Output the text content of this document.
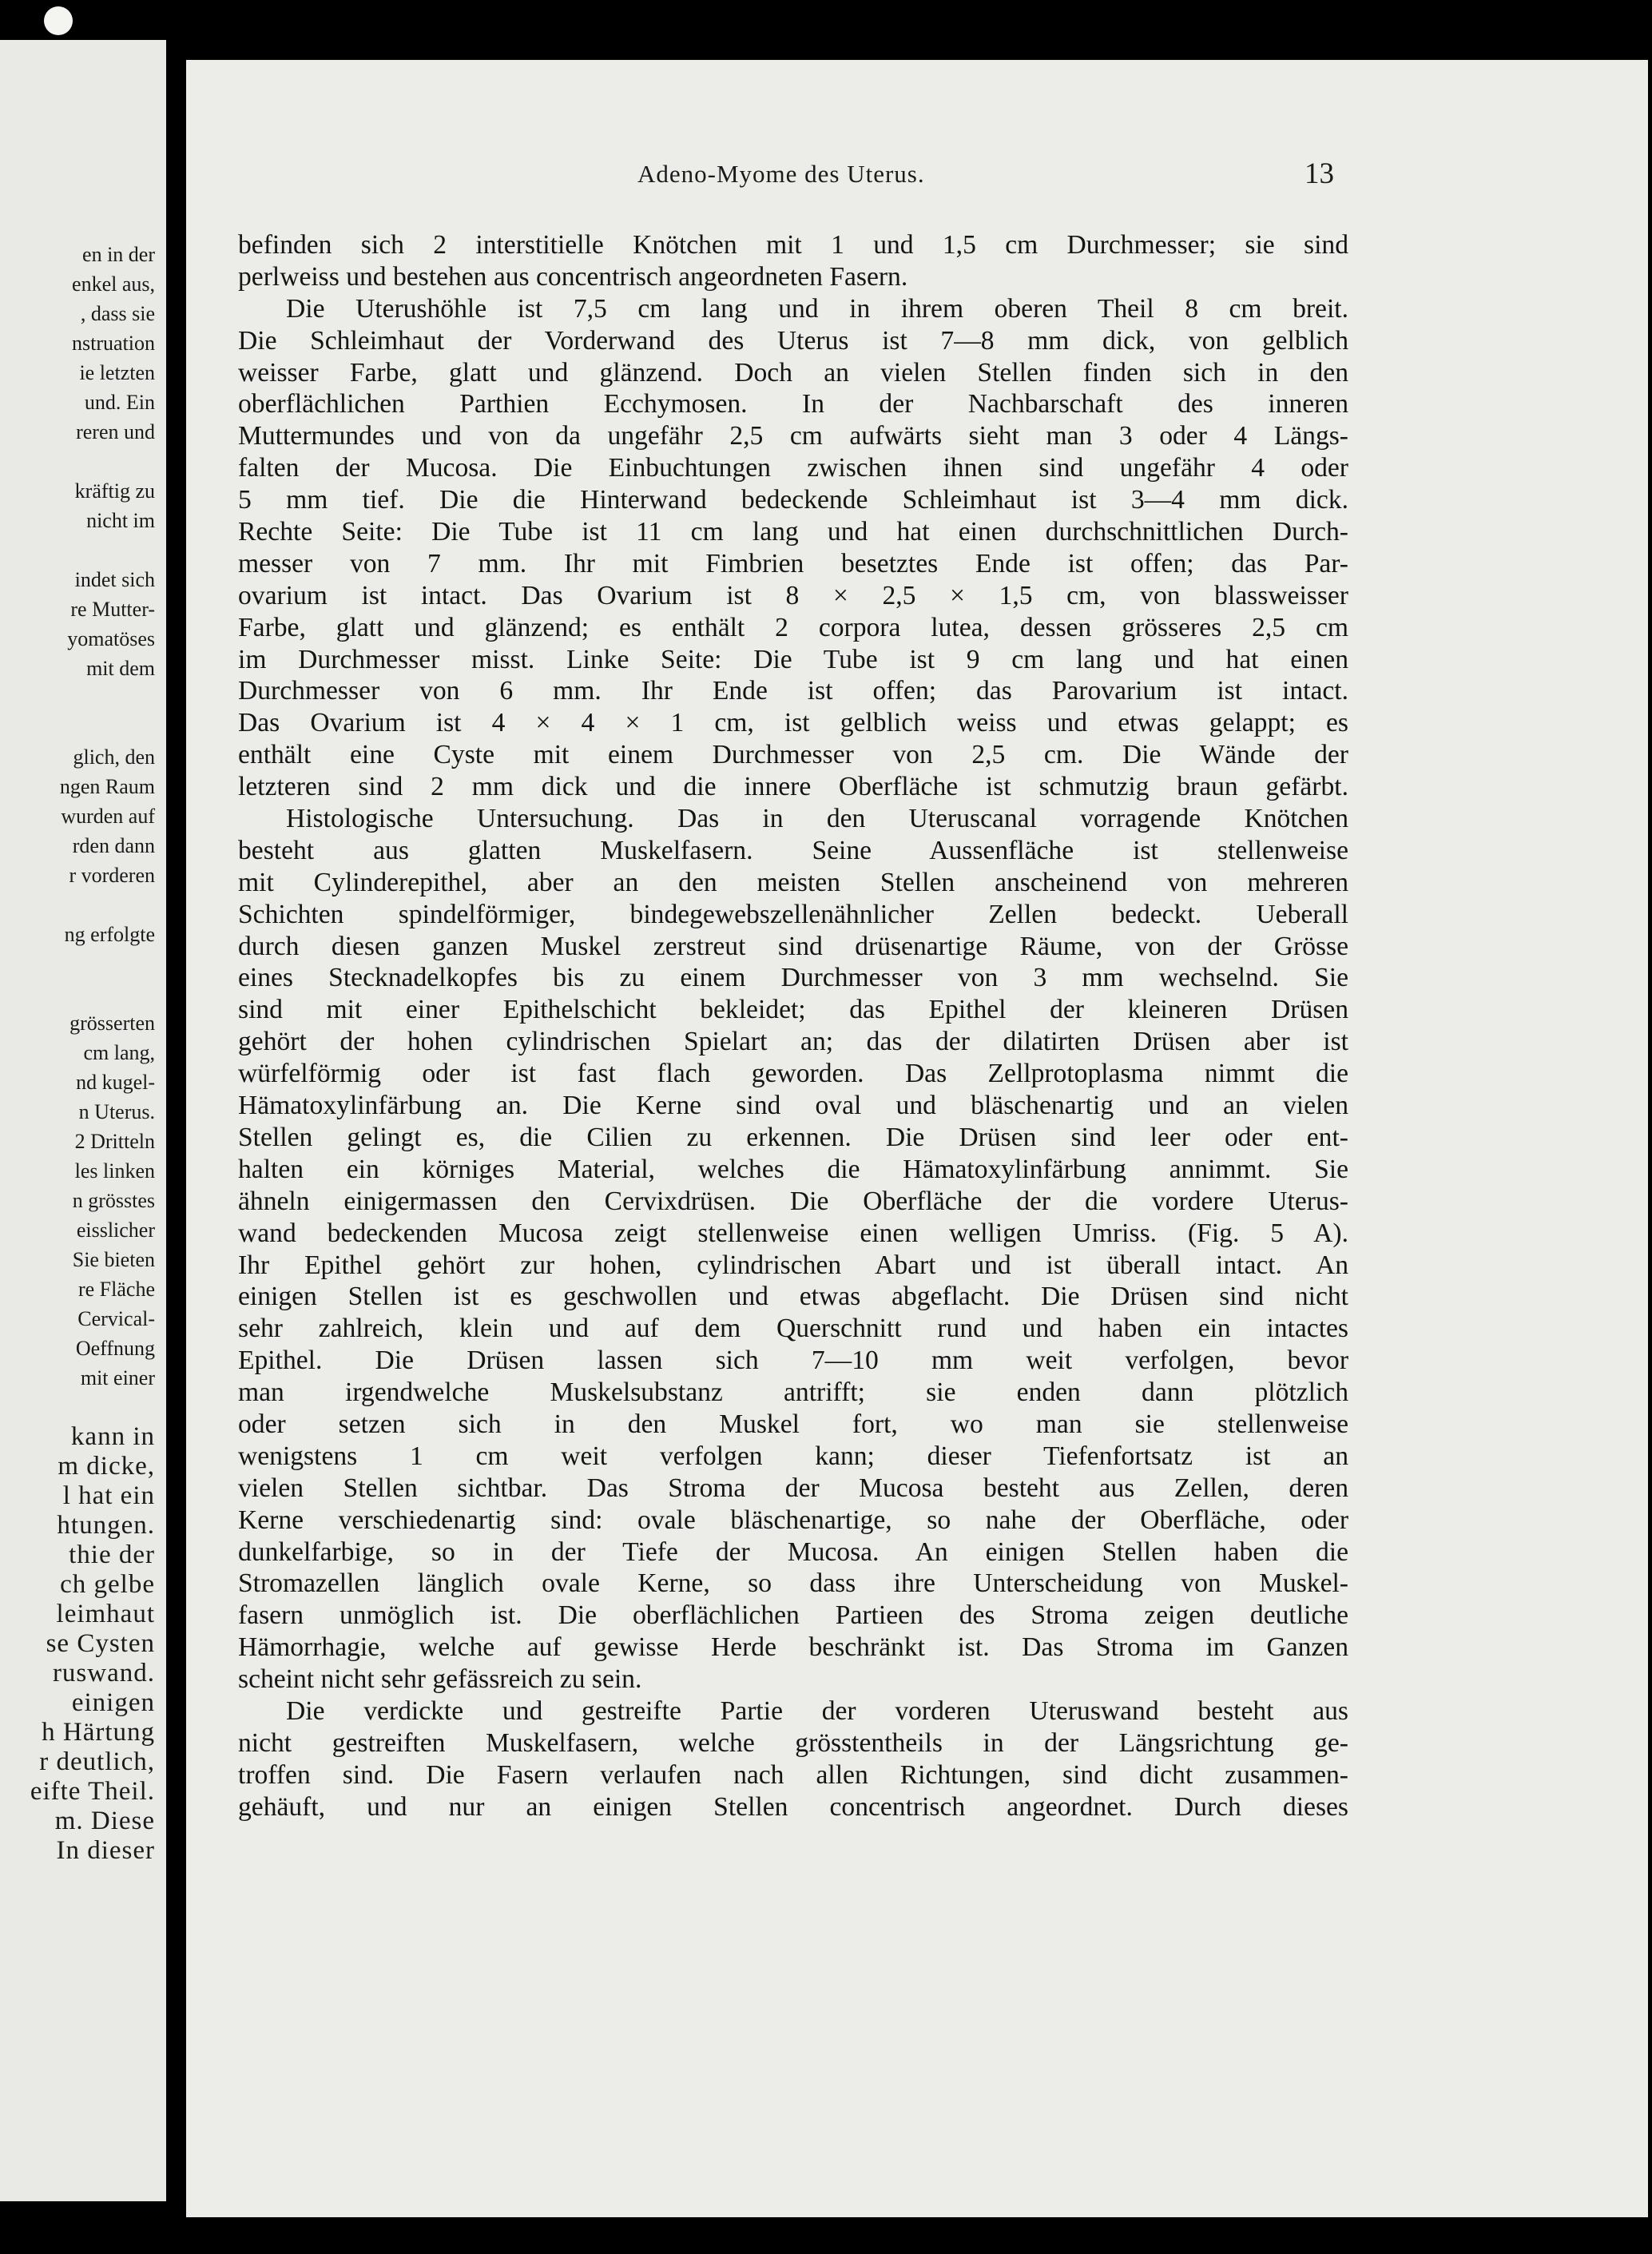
en in der
enkel aus,
, dass sie
nstruation
ie letzten
und. Ein
reren und
kräftig zu
nicht im
indet sich
re Mutter-
yomatöses
mit dem
glich, den
ngen Raum
wurden auf
rden dann
r vorderen
ng erfolgte
grösserten
cm lang,
nd kugel-
n Uterus.
2 Dritteln
les linken
n grösstes
eisslicher
Sie bieten
re Fläche
Cervical-
Oeffnung
mit einer
kann in
m dicke,
l hat ein
htungen.
thie der
ch gelbe
leimhaut
se Cysten
ruswand.
einigen
h Härtung
r deutlich,
eifte Theil.
m. Diese
In dieser
Adeno-Myome des Uterus.	13
befinden sich 2 interstitielle Knötchen mit 1 und 1,5 cm Durchmesser; sie sind
perlweiss und bestehen aus concentrisch angeordneten Fasern.
Die Uterushöhle ist 7,5 cm lang und in ihrem oberen Theil 8 cm breit.
Die Schleimhaut der Vorderwand des Uterus ist 7—8 mm dick, von gelblich
weisser Farbe, glatt und glänzend. Doch an vielen Stellen finden sich in den
oberflächlichen Parthien Ecchymosen. In der Nachbarschaft des inneren
Muttermundes und von da ungefähr 2,5 cm aufwärts sieht man 3 oder 4 Längs-
falten der Mucosa. Die Einbuchtungen zwischen ihnen sind ungefähr 4 oder
5 mm tief. Die die Hinterwand bedeckende Schleimhaut ist 3—4 mm dick.
Rechte Seite: Die Tube ist 11 cm lang und hat einen durchschnittlichen Durch-
messer von 7 mm. Ihr mit Fimbrien besetztes Ende ist offen; das Par-
ovarium ist intact. Das Ovarium ist 8 × 2,5 × 1,5 cm, von blassweisser
Farbe, glatt und glänzend; es enthält 2 corpora lutea, dessen grösseres 2,5 cm
im Durchmesser misst. Linke Seite: Die Tube ist 9 cm lang und hat einen
Durchmesser von 6 mm. Ihr Ende ist offen; das Parovarium ist intact.
Das Ovarium ist 4 × 4 × 1 cm, ist gelblich weiss und etwas gelappt; es
enthält eine Cyste mit einem Durchmesser von 2,5 cm. Die Wände der
letzteren sind 2 mm dick und die innere Oberfläche ist schmutzig braun gefärbt.
Histologische Untersuchung. Das in den Uteruscanal vorragende Knötchen
besteht aus glatten Muskelfasern. Seine Aussenfläche ist stellenweise
mit Cylinderepithel, aber an den meisten Stellen anscheinend von mehreren
Schichten spindelförmiger, bindegewebszellenähnlicher Zellen bedeckt. Ueberall
durch diesen ganzen Muskel zerstreut sind drüsenartige Räume, von der Grösse
eines Stecknadelkopfes bis zu einem Durchmesser von 3 mm wechselnd. Sie
sind mit einer Epithelschicht bekleidet; das Epithel der kleineren Drüsen
gehört der hohen cylindrischen Spielart an; das der dilatirten Drüsen aber ist
würfelförmig oder ist fast flach geworden. Das Zellprotoplasma nimmt die
Hämatoxylinfärbung an. Die Kerne sind oval und bläschenartig und an vielen
Stellen gelingt es, die Cilien zu erkennen. Die Drüsen sind leer oder ent-
halten ein körniges Material, welches die Hämatoxylinfärbung annimmt. Sie
ähneln einigermassen den Cervixdrüsen. Die Oberfläche der die vordere Uterus-
wand bedeckenden Mucosa zeigt stellenweise einen welligen Umriss. (Fig. 5 A).
Ihr Epithel gehört zur hohen, cylindrischen Abart und ist überall intact. An
einigen Stellen ist es geschwollen und etwas abgeflacht. Die Drüsen sind nicht
sehr zahlreich, klein und auf dem Querschnitt rund und haben ein intactes
Epithel. Die Drüsen lassen sich 7—10 mm weit verfolgen, bevor
man irgendwelche Muskelsubstanz antrifft; sie enden dann plötzlich
oder setzen sich in den Muskel fort, wo man sie stellenweise
wenigstens 1 cm weit verfolgen kann; dieser Tiefenfortsatz ist an
vielen Stellen sichtbar. Das Stroma der Mucosa besteht aus Zellen, deren
Kerne verschiedenartig sind: ovale bläschenartige, so nahe der Oberfläche, oder
dunkelfarbige, so in der Tiefe der Mucosa. An einigen Stellen haben die
Stromazellen länglich ovale Kerne, so dass ihre Unterscheidung von Muskel-
fasern unmöglich ist. Die oberflächlichen Partieen des Stroma zeigen deutliche
Hämorrhagie, welche auf gewisse Herde beschränkt ist. Das Stroma im Ganzen
scheint nicht sehr gefässreich zu sein.
Die verdickte und gestreifte Partie der vorderen Uteruswand besteht aus
nicht gestreiften Muskelfasern, welche grösstentheils in der Längsrichtung ge-
troffen sind. Die Fasern verlaufen nach allen Richtungen, sind dicht zusammen-
gehäuft, und nur an einigen Stellen concentrisch angeordnet. Durch dieses
